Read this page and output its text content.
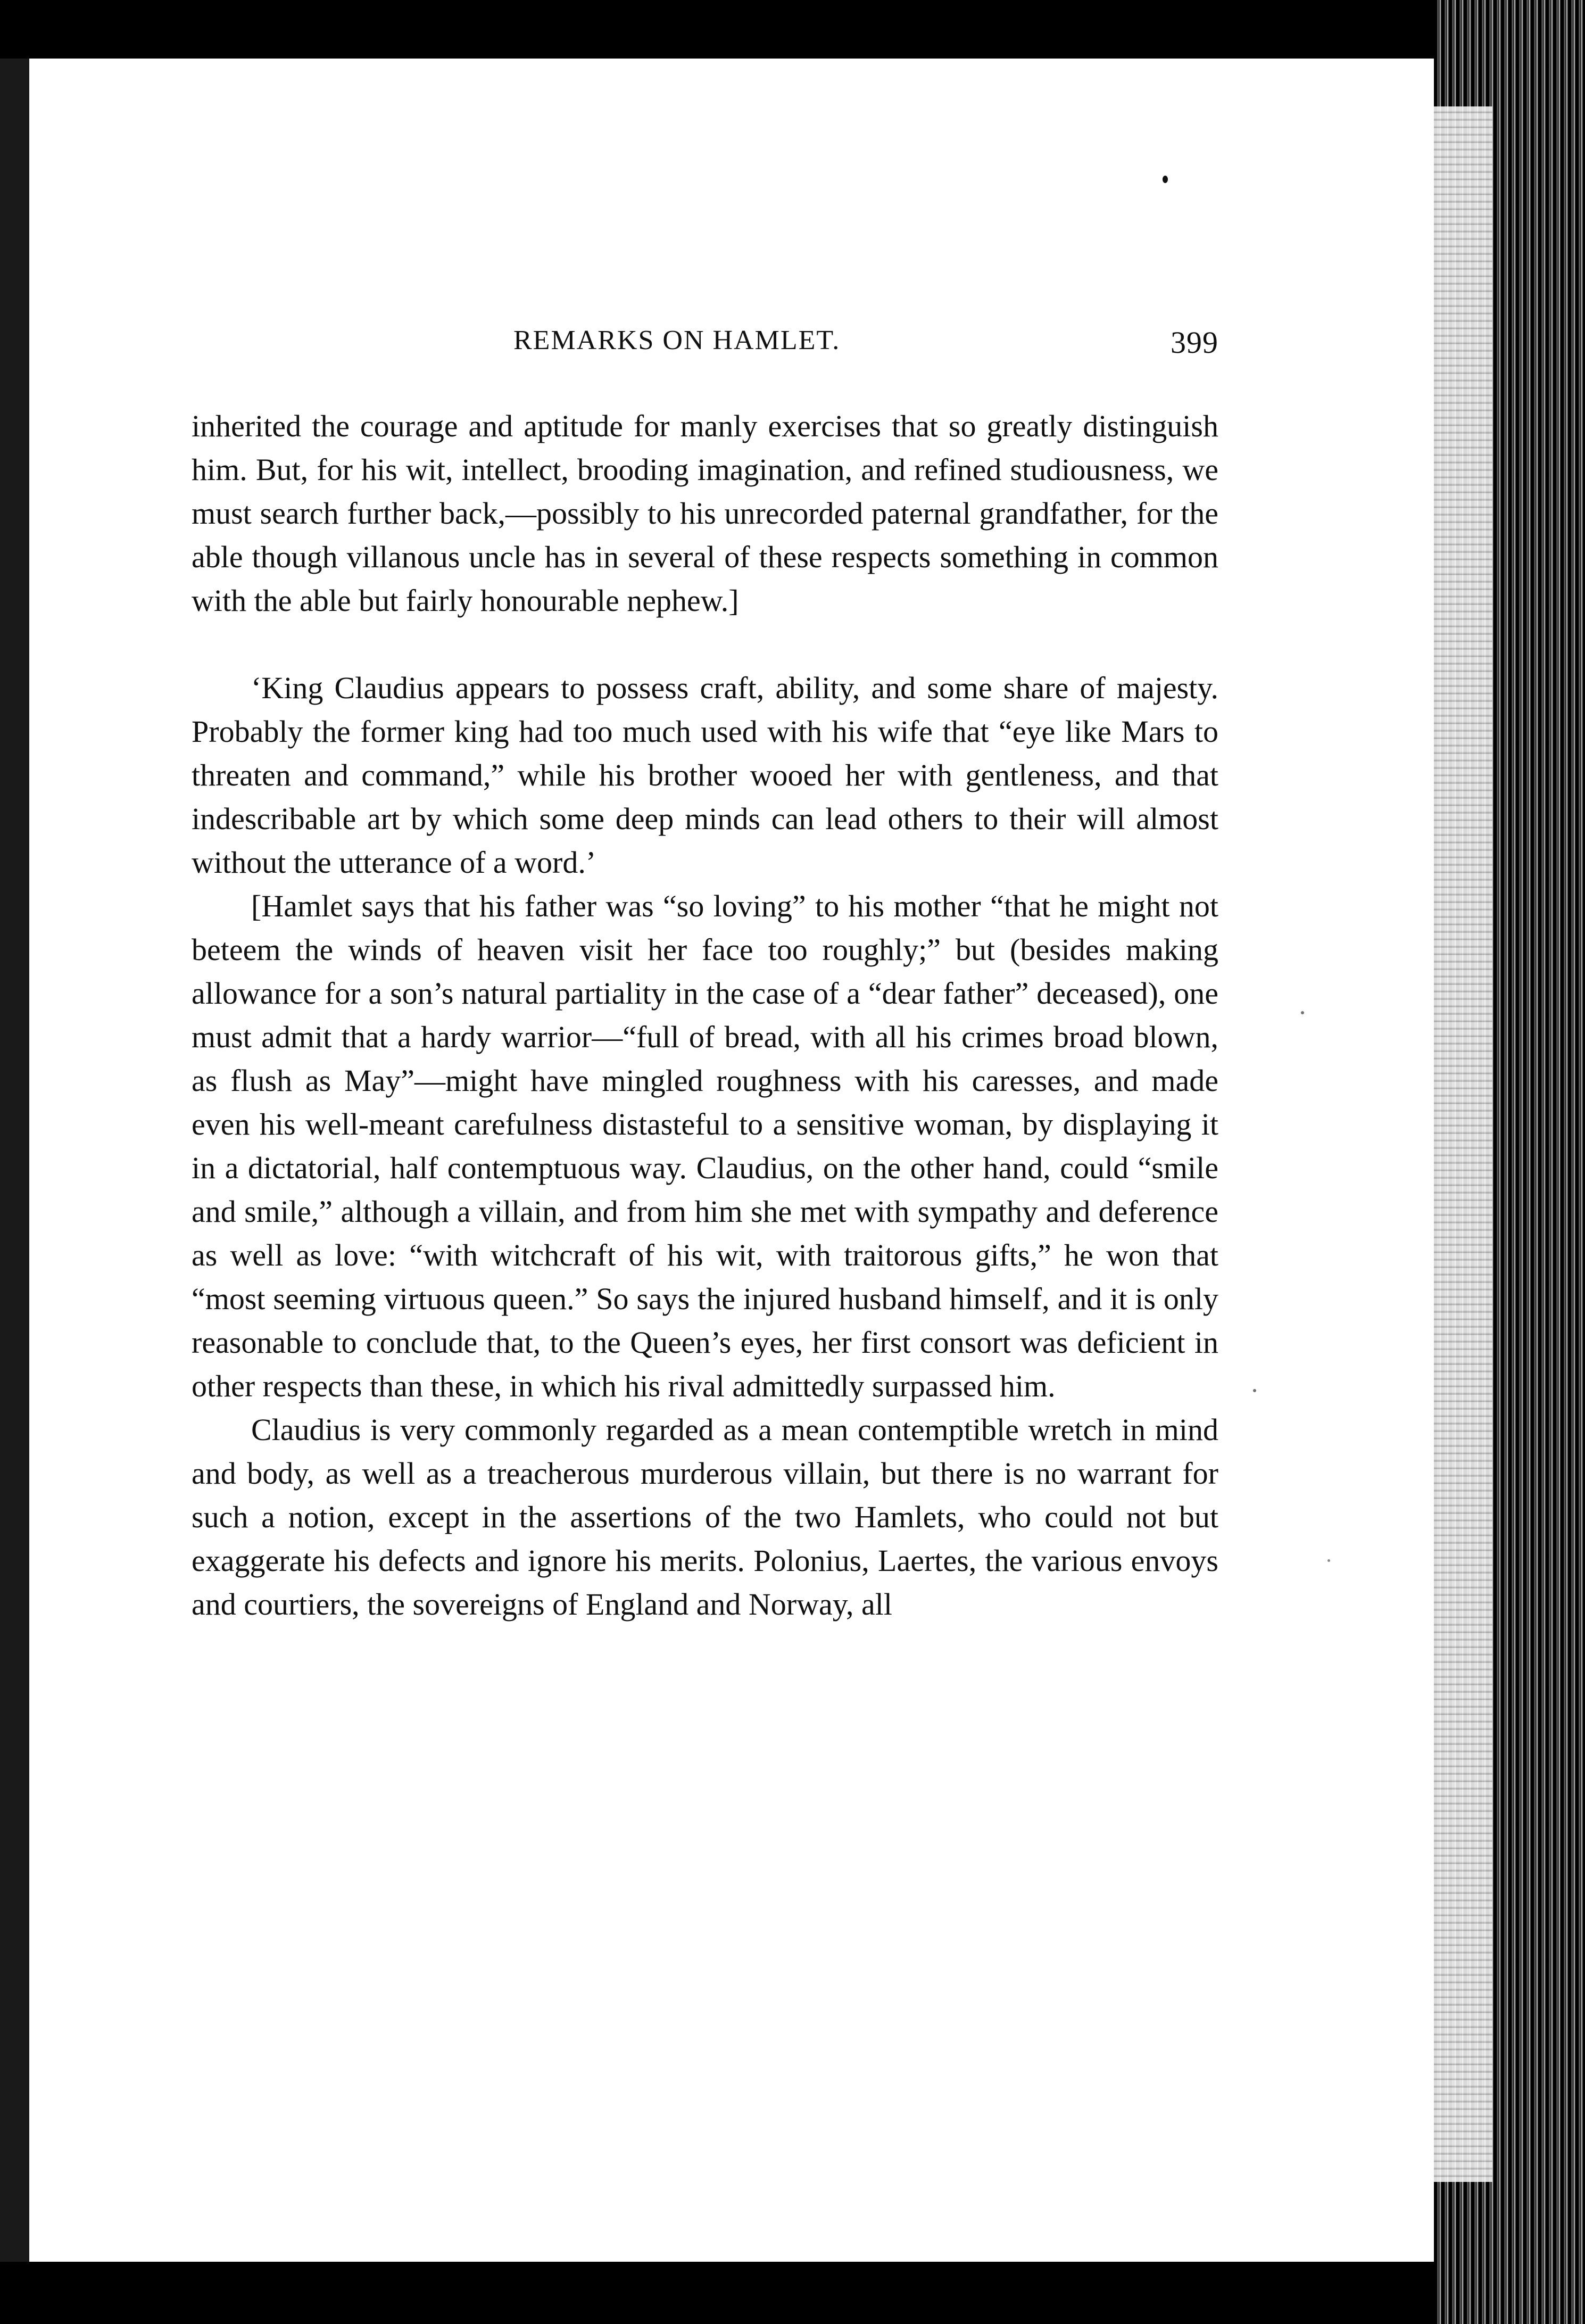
REMARKS ON HAMLET.	399

inherited the courage and aptitude for manly exercises that so greatly distinguish him. But, for his wit, intellect, brooding imagination, and refined studiousness, we must search further back,—possibly to his unrecorded paternal grandfather, for the able though villanous uncle has in several of these respects something in common with the able but fairly honourable nephew.]

‘King Claudius appears to possess craft, ability, and some share of majesty. Probably the former king had too much used with his wife that “eye like Mars to threaten and command,” while his brother wooed her with gentleness, and that indescribable art by which some deep minds can lead others to their will almost without the utterance of a word.’

[Hamlet says that his father was “so loving” to his mother “that he might not beteem the winds of heaven visit her face too roughly;” but (besides making allowance for a son’s natural partiality in the case of a “dear father” deceased), one must admit that a hardy warrior—“full of bread, with all his crimes broad blown, as flush as May”—might have mingled roughness with his caresses, and made even his well-meant carefulness distasteful to a sensitive woman, by displaying it in a dictatorial, half contemptuous way. Claudius, on the other hand, could “smile and smile,” although a villain, and from him she met with sympathy and deference as well as love: “with witchcraft of his wit, with traitorous gifts,” he won that “most seeming virtuous queen.” So says the injured husband himself, and it is only reasonable to conclude that, to the Queen’s eyes, her first consort was deficient in other respects than these, in which his rival admittedly surpassed him.

Claudius is very commonly regarded as a mean contemptible wretch in mind and body, as well as a treacherous murderous villain, but there is no warrant for such a notion, except in the assertions of the two Hamlets, who could not but exaggerate his defects and ignore his merits. Polonius, Laertes, the various envoys and courtiers, the sovereigns of England and Norway, all
